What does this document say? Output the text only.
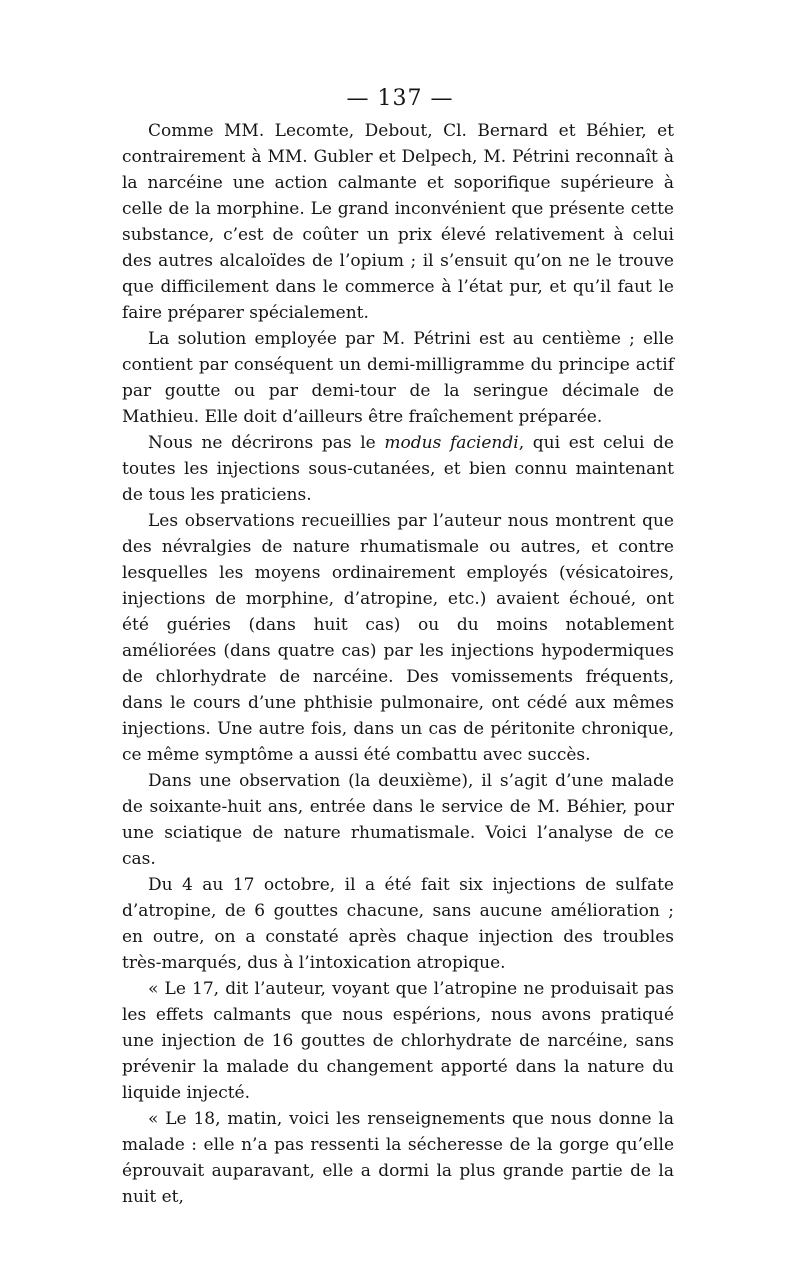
— 137 —

Comme MM. Lecomte, Debout, Cl. Bernard et Béhier, et contrairement à MM. Gubler et Delpech, M. Pétrini reconnaît à la narcéine une action calmante et soporifique supérieure à celle de la morphine. Le grand inconvénient que présente cette substance, c’est de coûter un prix élevé relativement à celui des autres alcaloïdes de l’opium ; il s’ensuit qu’on ne le trouve que difficilement dans le commerce à l’état pur, et qu’il faut le faire préparer spécialement.

La solution employée par M. Pétrini est au centième ; elle contient par conséquent un demi-milligramme du principe actif par goutte ou par demi-tour de la seringue décimale de Mathieu. Elle doit d’ailleurs être fraîchement préparée.

Nous ne décrirons pas le modus faciendi, qui est celui de toutes les injections sous-cutanées, et bien connu maintenant de tous les praticiens.

Les observations recueillies par l’auteur nous montrent que des névralgies de nature rhumatismale ou autres, et contre lesquelles les moyens ordinairement employés (vésicatoires, injections de morphine, d’atropine, etc.) avaient échoué, ont été guéries (dans huit cas) ou du moins notablement améliorées (dans quatre cas) par les injections hypodermiques de chlorhydrate de narcéine. Des vomissements fréquents, dans le cours d’une phthisie pulmonaire, ont cédé aux mêmes injections. Une autre fois, dans un cas de péritonite chronique, ce même symptôme a aussi été combattu avec succès.

Dans une observation (la deuxième), il s’agit d’une malade de soixante-huit ans, entrée dans le service de M. Béhier, pour une sciatique de nature rhumatismale. Voici l’analyse de ce cas.

Du 4 au 17 octobre, il a été fait six injections de sulfate d’atropine, de 6 gouttes chacune, sans aucune amélioration ; en outre, on a constaté après chaque injection des troubles très-marqués, dus à l’intoxication atropique.

« Le 17, dit l’auteur, voyant que l’atropine ne produisait pas les effets calmants que nous espérions, nous avons pratiqué une injection de 16 gouttes de chlorhydrate de narcéine, sans prévenir la malade du changement apporté dans la nature du liquide injecté.

« Le 18, matin, voici les renseignements que nous donne la malade : elle n’a pas ressenti la sécheresse de la gorge qu’elle éprouvait auparavant, elle a dormi la plus grande partie de la nuit et,
